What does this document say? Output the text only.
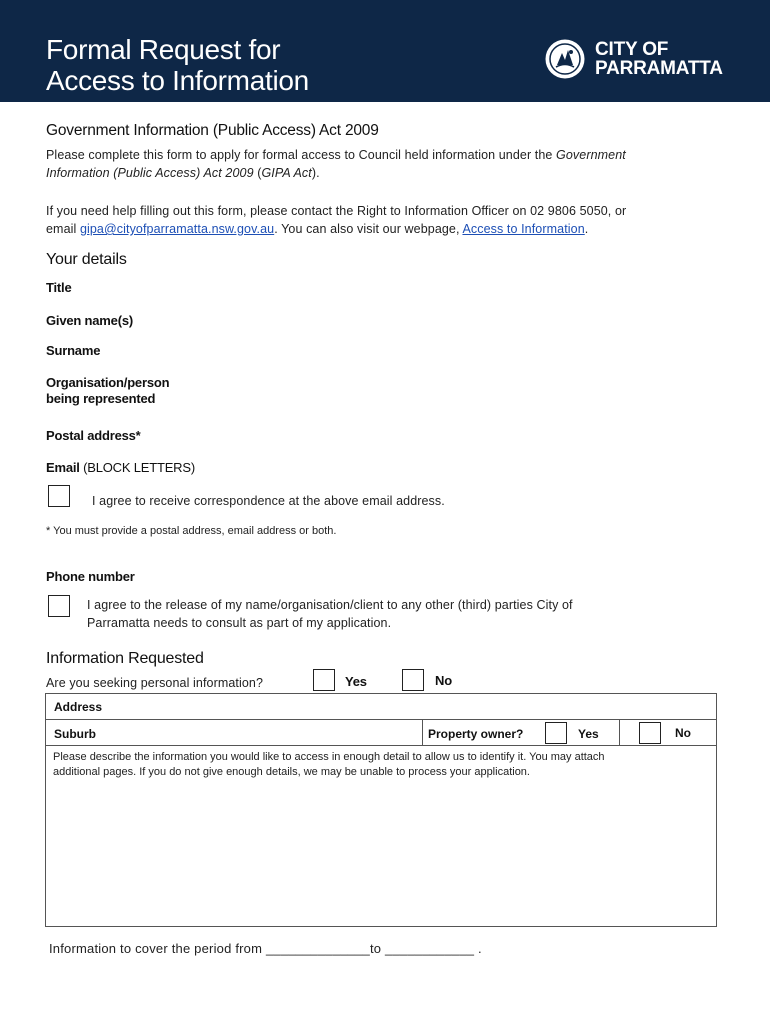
Formal Request for
Access to Information
CITY OF
PARRAMATTA
Government Information (Public Access) Act 2009

Please complete this form to apply for formal access to Council held information under the Government
Information (Public Access) Act 2009 (GIPA Act).

If you need help filling out this form, please contact the Right to Information Officer on 02 9806 5050, or
email gipa@cityofparramatta.nsw.gov.au. You can also visit our webpage, Access to Information.

Your details
Title
Given name(s)
Surname
Organisation/person
being represented
Postal address*
Email (BLOCK LETTERS)
I agree to receive correspondence at the above email address.
* You must provide a postal address, email address or both.
Phone number
I agree to the release of my name/organisation/client to any other (third) parties City of
Parramatta needs to consult as part of my application.
Information Requested
Are you seeking personal information?	Yes	No
Address
Suburb	Property owner?	Yes	No
Please describe the information you would like to access in enough detail to allow us to identify it. You may attach
additional pages. If you do not give enough details, we may be unable to process your application.
Information to cover the period from ______________to ____________ .
